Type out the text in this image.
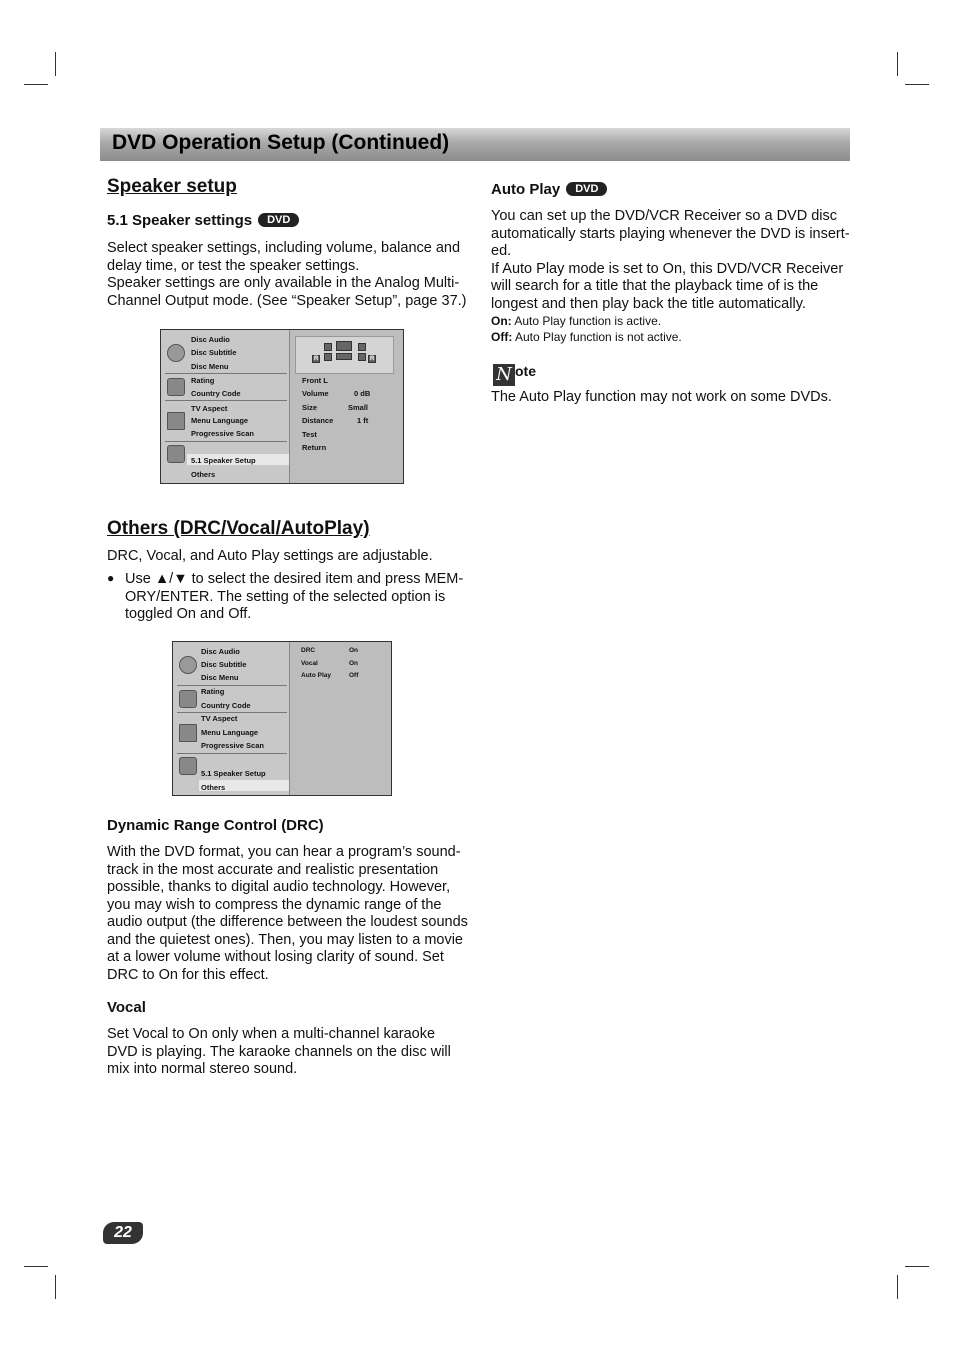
DVD Operation Setup (Continued)

Speaker setup

5.1 Speaker settings DVD

Select speaker settings, including volume, balance and

delay time, or test the speaker settings.

Speaker settings are only available in the Analog Multi-

Channel Output mode. (See “Speaker Setup”, page 37.)

Disc Audio
Disc Subtitle
Disc Menu
Rating
Country Code
TV Aspect
Menu Language
Progressive Scan
5.1 Speaker Setup
Others
R	R
Front L
Volume	0 dB
Size	Small
Distance	1 ft
Test
Return

Others (DRC/Vocal/AutoPlay)

DRC, Vocal, and Auto Play settings are adjustable.

● Use ▲/▼ to select the desired item and press MEM-

ORY/ENTER. The setting of the selected option is

toggled On and Off.

Disc Audio
Disc Subtitle
Disc Menu
Rating
Country Code
TV Aspect
Menu Language
Progressive Scan
5.1 Speaker Setup
Others
DRC	On
Vocal	On
Auto Play	Off

Dynamic Range Control (DRC)

With the DVD format, you can hear a program’s sound-

track in the most accurate and realistic presentation

possible, thanks to digital audio technology. However,

you may wish to compress the dynamic range of the

audio output (the difference between the loudest sounds

and the quietest ones). Then, you may listen to a movie

at a lower volume without losing clarity of sound. Set

DRC to On for this effect.

Vocal

Set Vocal to On only when a multi-channel karaoke

DVD is playing. The karaoke channels on the disc will

mix into normal stereo sound.

Auto Play DVD

You can set up the DVD/VCR Receiver so a DVD disc

automatically starts playing whenever the DVD is insert-

ed.

If Auto Play mode is set to On, this DVD/VCR Receiver

will search for a title that the playback time of is the

longest and then play back the title automatically.

On: Auto Play function is active.

Off: Auto Play function is not active.

N ote

The Auto Play function may not work on some DVDs.

22
